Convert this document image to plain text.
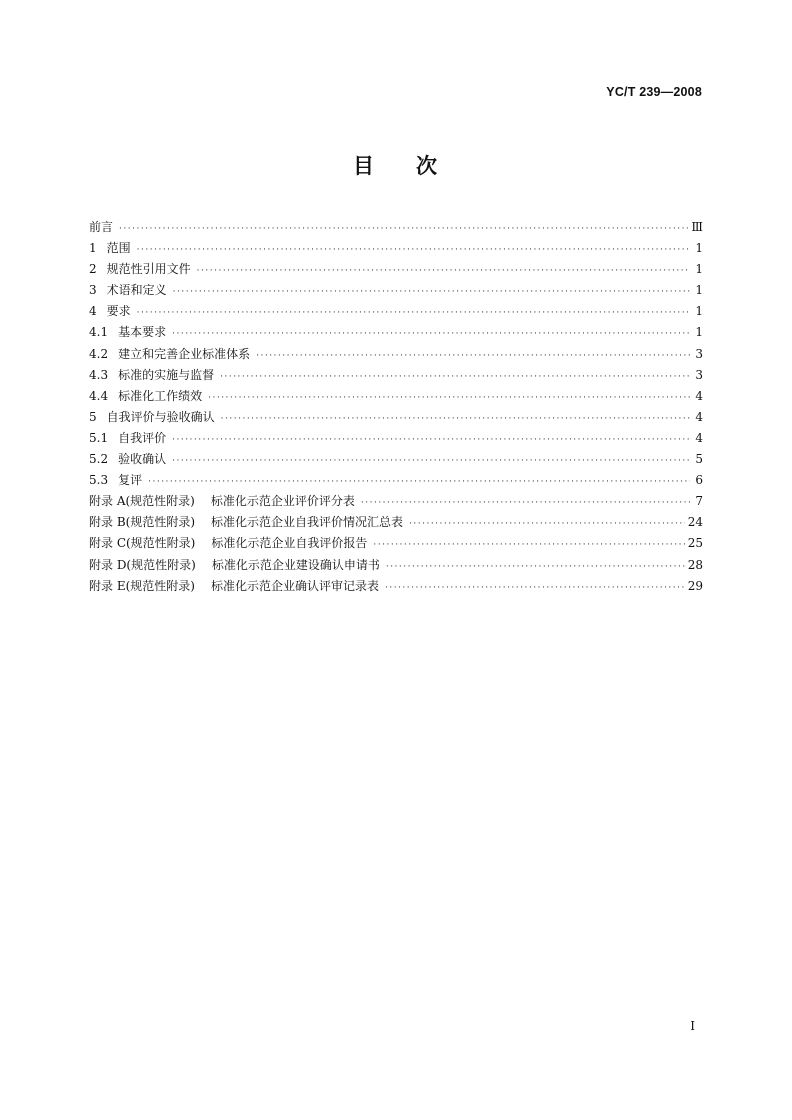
YC/T 239—2008
目 次
前言 ·····	Ⅲ
1 范围 ·····	1
2 规范性引用文件 ·····	1
3 术语和定义 ·····	1
4 要求 ·····	1
4.1 基本要求 ·····	1
4.2 建立和完善企业标准体系 ·····	3
4.3 标准的实施与监督 ·····	3
4.4 标准化工作绩效 ·····	4
5 自我评价与验收确认 ·····	4
5.1 自我评价 ·····	4
5.2 验收确认 ·····	5
5.3 复评 ·····	6
附录 A(规范性附录) 标准化示范企业评价评分表 ·····	7
附录 B(规范性附录) 标准化示范企业自我评价情况汇总表 ·····	24
附录 C(规范性附录) 标准化示范企业自我评价报告 ·····	25
附录 D(规范性附录) 标准化示范企业建设确认申请书 ·····	28
附录 E(规范性附录) 标准化示范企业确认评审记录表 ·····	29
I
